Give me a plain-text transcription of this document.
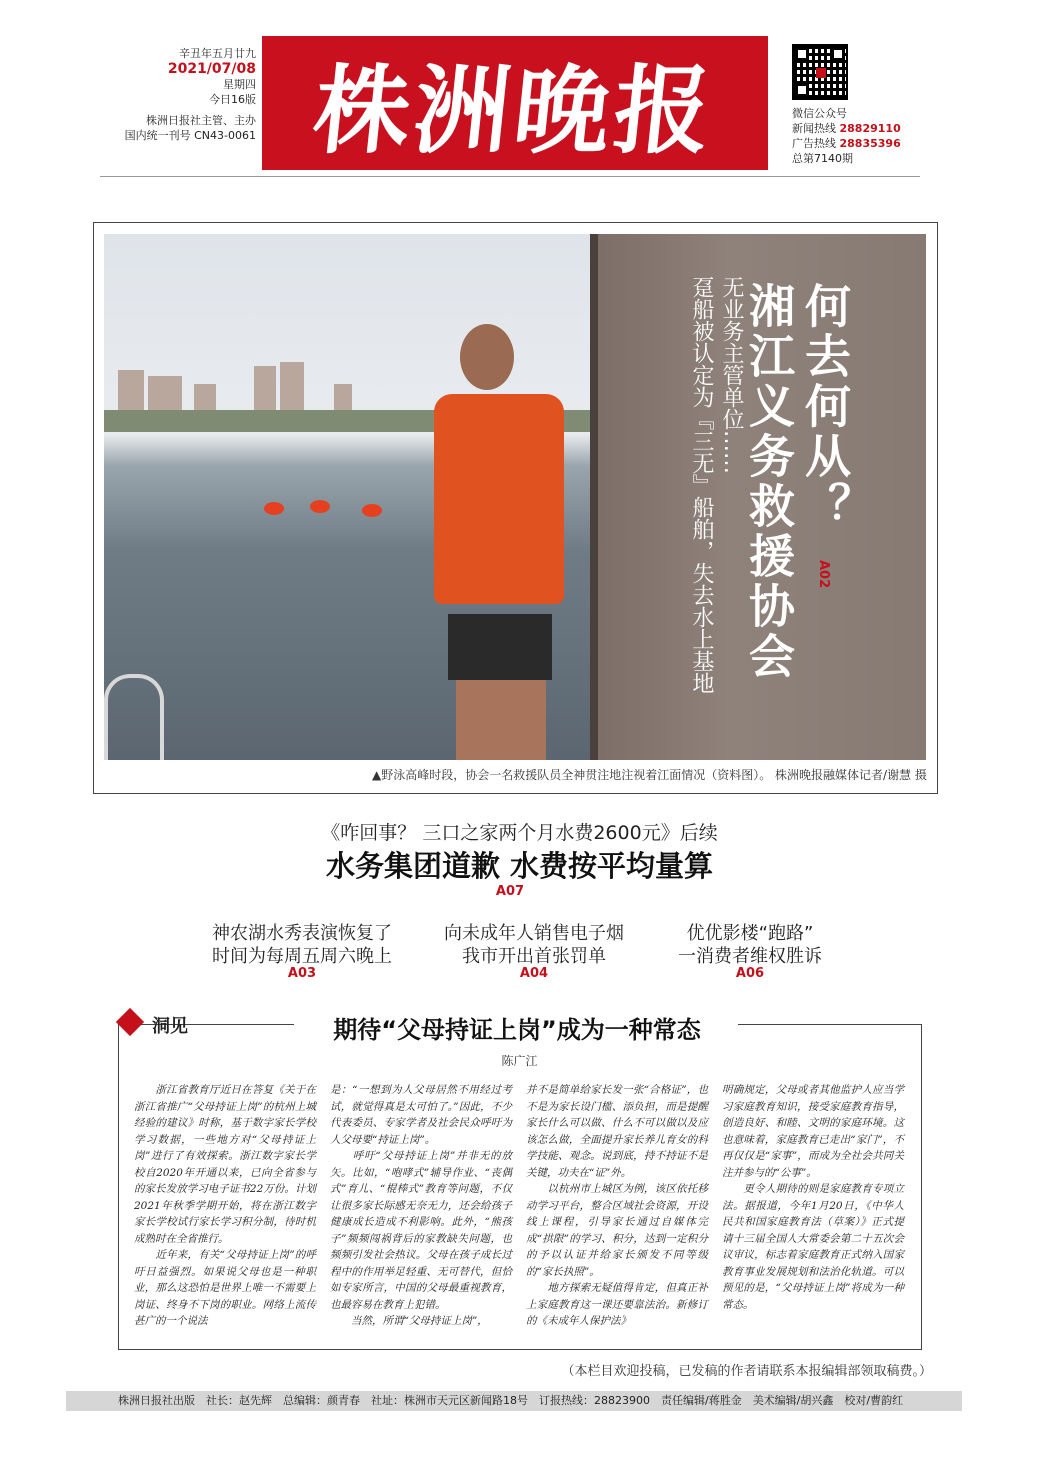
辛丑年五月廿九
2021/07/08
星期四
今日16版
株洲日报社主管、主办
国内统一刊号 CN43-0061 株洲晚报	微信公众号
新闻热线 28829110
广告热线 28835396
总第7140期
何去何从？
A02
湘江义务救援协会
无业务主管单位……
趸船被认定为『三无』船舶，失去水上基地
▲野泳高峰时段，协会一名救援队员全神贯注地注视着江面情况（资料图）。 株洲晚报融媒体记者/谢慧 摄
《咋回事？ 三口之家两个月水费2600元》后续
水务集团道歉 水费按平均量算
A07
神农湖水秀表演恢复了
时间为每周五周六晚上
A03
向未成年人销售电子烟
我市开出首张罚单
A04
优优影楼“跑路”
一消费者维权胜诉
A06
洞见	期待“父母持证上岗”成为一种常态
陈广江
　　浙江省教育厅近日在答复《关于在浙江省推广“父母持证上岗”的杭州上城经验的建议》时称，基于数字家长学校学习数据，一些地方对“父母持证上岗”进行了有效探索。浙江数字家长学校自2020年开通以来，已向全省参与的家长发放学习电子证书22万份。计划2021年秋季学期开始，将在浙江数字家长学校试行家长学习积分制，待时机成熟时在全省推行。
　　近年来，有关“父母持证上岗”的呼吁日益强烈。如果说父母也是一种职业，那么这恐怕是世界上唯一不需要上岗证、终身不下岗的职业。网络上流传甚广的一个说法
是：“一想到为人父母居然不用经过考试，就觉得真是太可怕了。”因此，不少代表委员、专家学者及社会民众呼吁为人父母要“持证上岗”。
　　呼吁“父母持证上岗”并非无的放矢。比如，“咆哮式”辅导作业、“丧偶式”育儿、“棍棒式”教育等问题，不仅让很多家长际感无奈无力，还会给孩子健康成长造成不利影响。此外，“熊孩子”频频闯祸背后的家教缺失问题，也频频引发社会热议。父母在孩子成长过程中的作用举足轻重、无可替代，但恰如专家所言，中国的父母最重视教育，也最容易在教育上犯错。
　　当然，所谓“父母持证上岗”，
并不是简单给家长发一张“合格证”，也不是为家长设门槛、添负担，而是提醒家长什么可以做、什么不可以做以及应该怎么做，全面提升家长养儿育女的科学技能、观念。说到底，持不持证不是关键，功夫在“证”外。
　　以杭州市上城区为例，该区依托移动学习平台，整合区域社会资源，开设线上课程，引导家长通过自媒体完成“拱限”的学习、积分，达到一定积分的予以认证并给家长颁发不同等级的“家长执照”。
　　地方探索无疑值得肯定，但真正补上家庭教育这一课还要靠法治。新修订的《未成年人保护法》
明确规定，父母或者其他监护人应当学习家庭教育知识，接受家庭教育指导，创造良好、和睦、文明的家庭环境。这也意味着，家庭教育已走出“家门”，不再仅仅是“家事”，而成为全社会共同关注并参与的“公事”。
　　更令人期待的则是家庭教育专项立法。据报道，今年1月20日，《中华人民共和国家庭教育法（草案）》正式提请十三届全国人大常委会第二十五次会议审议，标志着家庭教育正式纳入国家教育事业发展规划和法治化轨道。可以预见的是，“父母持证上岗”将成为一种常态。
（本栏目欢迎投稿，已发稿的作者请联系本报编辑部领取稿费。）
株洲日报社出版　社长：赵先辉　总编辑：颜青春　社址：株洲市天元区新闻路18号　订报热线：28823900　责任编辑/蒋胜金　美术编辑/胡兴鑫　校对/曹韵红
